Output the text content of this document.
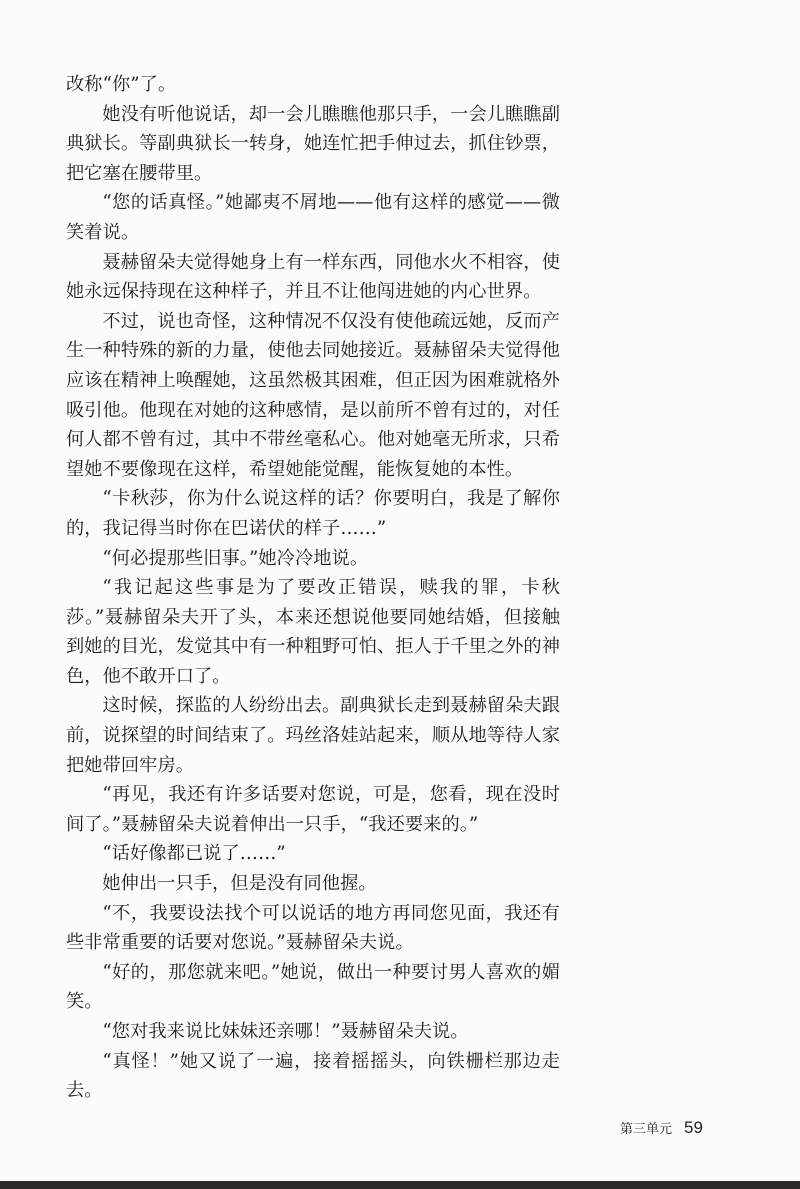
改称“你”了。

她没有听他说话，却一会儿瞧瞧他那只手，一会儿瞧瞧副典狱长。等副典狱长一转身，她连忙把手伸过去，抓住钞票，把它塞在腰带里。

“您的话真怪。”她鄙夷不屑地——他有这样的感觉——微笑着说。

聂赫留朵夫觉得她身上有一样东西，同他水火不相容，使她永远保持现在这种样子，并且不让他闯进她的内心世界。

不过，说也奇怪，这种情况不仅没有使他疏远她，反而产生一种特殊的新的力量，使他去同她接近。聂赫留朵夫觉得他应该在精神上唤醒她，这虽然极其困难，但正因为困难就格外吸引他。他现在对她的这种感情，是以前所不曾有过的，对任何人都不曾有过，其中不带丝毫私心。他对她毫无所求，只希望她不要像现在这样，希望她能觉醒，能恢复她的本性。

“卡秋莎，你为什么说这样的话？你要明白，我是了解你的，我记得当时你在巴诺伏的样子……”

“何必提那些旧事。”她冷冷地说。

“我记起这些事是为了要改正错误，赎我的罪，卡秋莎。”聂赫留朵夫开了头，本来还想说他要同她结婚，但接触到她的目光，发觉其中有一种粗野可怕、拒人于千里之外的神色，他不敢开口了。

这时候，探监的人纷纷出去。副典狱长走到聂赫留朵夫跟前，说探望的时间结束了。玛丝洛娃站起来，顺从地等待人家把她带回牢房。

“再见，我还有许多话要对您说，可是，您看，现在没时间了。”聂赫留朵夫说着伸出一只手，“我还要来的。”

“话好像都已说了……”

她伸出一只手，但是没有同他握。

“不，我要设法找个可以说话的地方再同您见面，我还有些非常重要的话要对您说。”聂赫留朵夫说。

“好的，那您就来吧。”她说，做出一种要讨男人喜欢的媚笑。

“您对我来说比妹妹还亲哪！”聂赫留朵夫说。

“真怪！”她又说了一遍，接着摇摇头，向铁栅栏那边走去。

第三单元 59
